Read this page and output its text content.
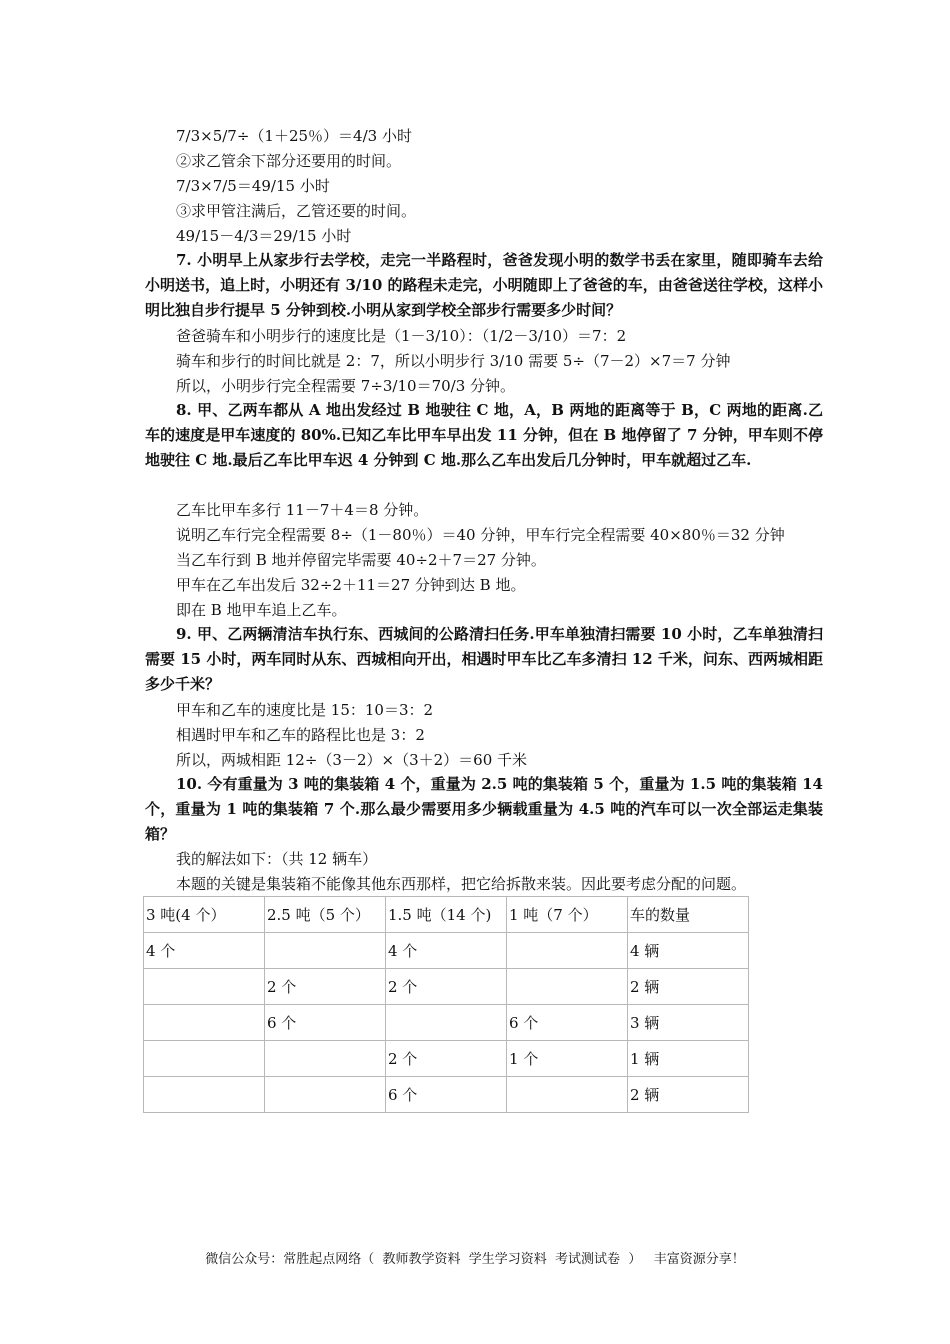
7/3×5/7÷（1＋25％）＝4/3 小时
②求乙管余下部分还要用的时间。
7/3×7/5＝49/15 小时
③求甲管注满后，乙管还要的时间。
49/15－4/3＝29/15 小时
7. 小明早上从家步行去学校，走完一半路程时，爸爸发现小明的数学书丢在家里，随即骑车去给小明送书，追上时，小明还有 3/10 的路程未走完，小明随即上了爸爸的车，由爸爸送往学校，这样小明比独自步行提早 5 分钟到校.小明从家到学校全部步行需要多少时间？
爸爸骑车和小明步行的速度比是（1－3/10）：（1/2－3/10）＝7：2
骑车和步行的时间比就是 2：7，所以小明步行 3/10 需要 5÷（7－2）×7＝7 分钟
所以，小明步行完全程需要 7÷3/10＝70/3 分钟。
8. 甲、乙两车都从 A 地出发经过 B 地驶往 C 地，A，B 两地的距离等于 B，C 两地的距离.乙车的速度是甲车速度的 80%.已知乙车比甲车早出发 11 分钟，但在 B 地停留了 7 分钟，甲车则不停地驶往 C 地.最后乙车比甲车迟 4 分钟到 C 地.那么乙车出发后几分钟时，甲车就超过乙车.
乙车比甲车多行 11－7＋4＝8 分钟。
说明乙车行完全程需要 8÷（1－80％）＝40 分钟，甲车行完全程需要 40×80％＝32 分钟
当乙车行到 B 地并停留完毕需要 40÷2＋7＝27 分钟。
甲车在乙车出发后 32÷2＋11＝27 分钟到达 B 地。
即在 B 地甲车追上乙车。
9. 甲、乙两辆清洁车执行东、西城间的公路清扫任务.甲车单独清扫需要 10 小时，乙车单独清扫需要 15 小时，两车同时从东、西城相向开出，相遇时甲车比乙车多清扫 12 千米，问东、西两城相距多少千米？
甲车和乙车的速度比是 15：10＝3：2
相遇时甲车和乙车的路程比也是 3：2
所以，两城相距 12÷（3－2）×（3＋2）＝60 千米
10. 今有重量为 3 吨的集装箱 4 个，重量为 2.5 吨的集装箱 5 个，重量为 1.5 吨的集装箱 14 个，重量为 1 吨的集装箱 7 个.那么最少需要用多少辆载重量为 4.5 吨的汽车可以一次全部运走集装箱？
我的解法如下：（共 12 辆车）
本题的关键是集装箱不能像其他东西那样，把它给拆散来装。因此要考虑分配的问题。
3 吨(4 个）	2.5 吨（5 个）	1.5 吨（14 个)	1 吨（7 个）	车的数量
4 个		4 个		4 辆
	2 个	2 个		2 辆
	6 个		6 个	3 辆
		2 个	1 个	1 辆
		6 个		2 辆
微信公众号：常胜起点网络（  教师教学资料  学生学习资料  考试测试卷  ）   丰富资源分享！
